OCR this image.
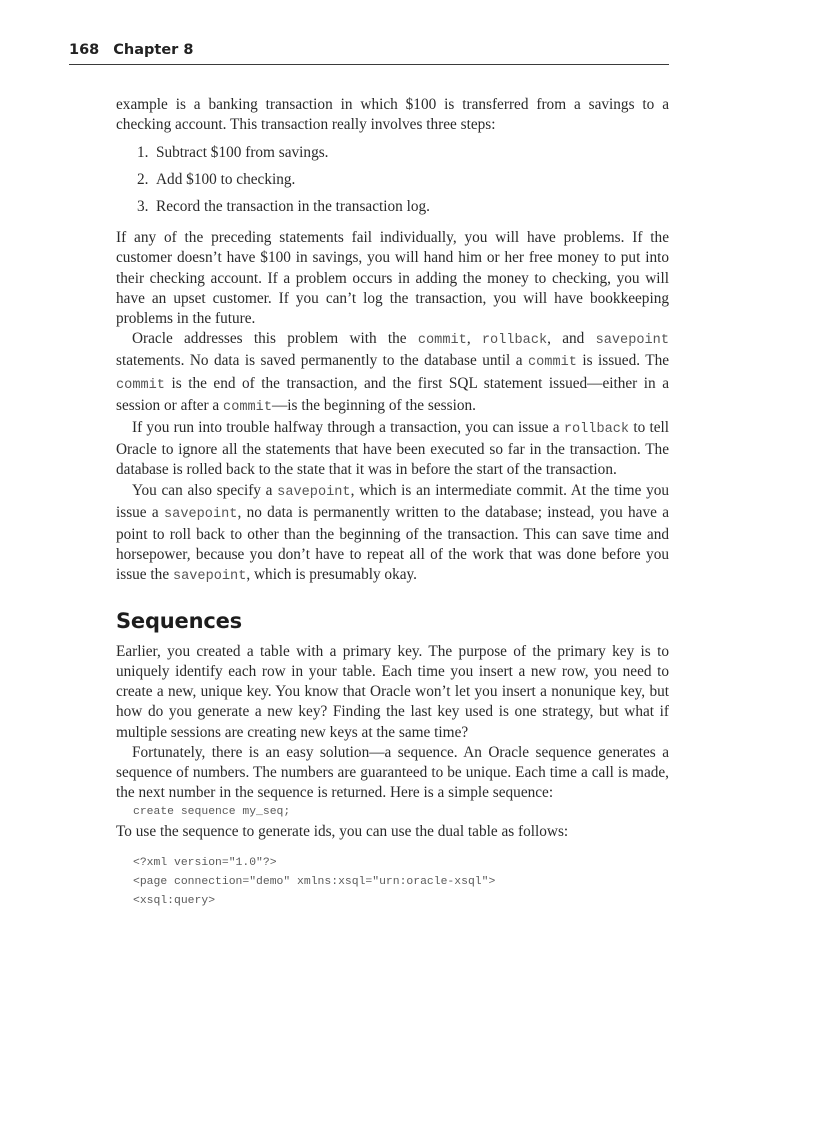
168 Chapter 8

example is a banking transaction in which $100 is transferred from a savings to a checking account. This transaction really involves three steps:

1. Subtract $100 from savings.
2. Add $100 to checking.
3. Record the transaction in the transaction log.

If any of the preceding statements fail individually, you will have problems. If the customer doesn’t have $100 in savings, you will hand him or her free money to put into their checking account. If a problem occurs in adding the money to checking, you will have an upset customer. If you can’t log the transaction, you will have bookkeeping problems in the future.

Oracle addresses this problem with the commit, rollback, and savepoint statements. No data is saved permanently to the database until a commit is issued. The commit is the end of the transaction, and the first SQL statement issued—either in a session or after a commit—is the beginning of the session.

If you run into trouble halfway through a transaction, you can issue a rollback to tell Oracle to ignore all the statements that have been executed so far in the transaction. The database is rolled back to the state that it was in before the start of the transaction.

You can also specify a savepoint, which is an intermediate commit. At the time you issue a savepoint, no data is permanently written to the database; instead, you have a point to roll back to other than the beginning of the transaction. This can save time and horsepower, because you don’t have to repeat all of the work that was done before you issue the savepoint, which is presumably okay.

Sequences

Earlier, you created a table with a primary key. The purpose of the primary key is to uniquely identify each row in your table. Each time you insert a new row, you need to create a new, unique key. You know that Oracle won’t let you insert a nonunique key, but how do you generate a new key? Finding the last key used is one strategy, but what if multiple sessions are creating new keys at the same time?

Fortunately, there is an easy solution—a sequence. An Oracle sequence generates a sequence of numbers. The numbers are guaranteed to be unique. Each time a call is made, the next number in the sequence is returned. Here is a simple sequence:

create sequence my_seq;

To use the sequence to generate ids, you can use the dual table as follows:

<?xml version="1.0"?>
<page connection="demo" xmlns:xsql="urn:oracle-xsql">
<xsql:query>
